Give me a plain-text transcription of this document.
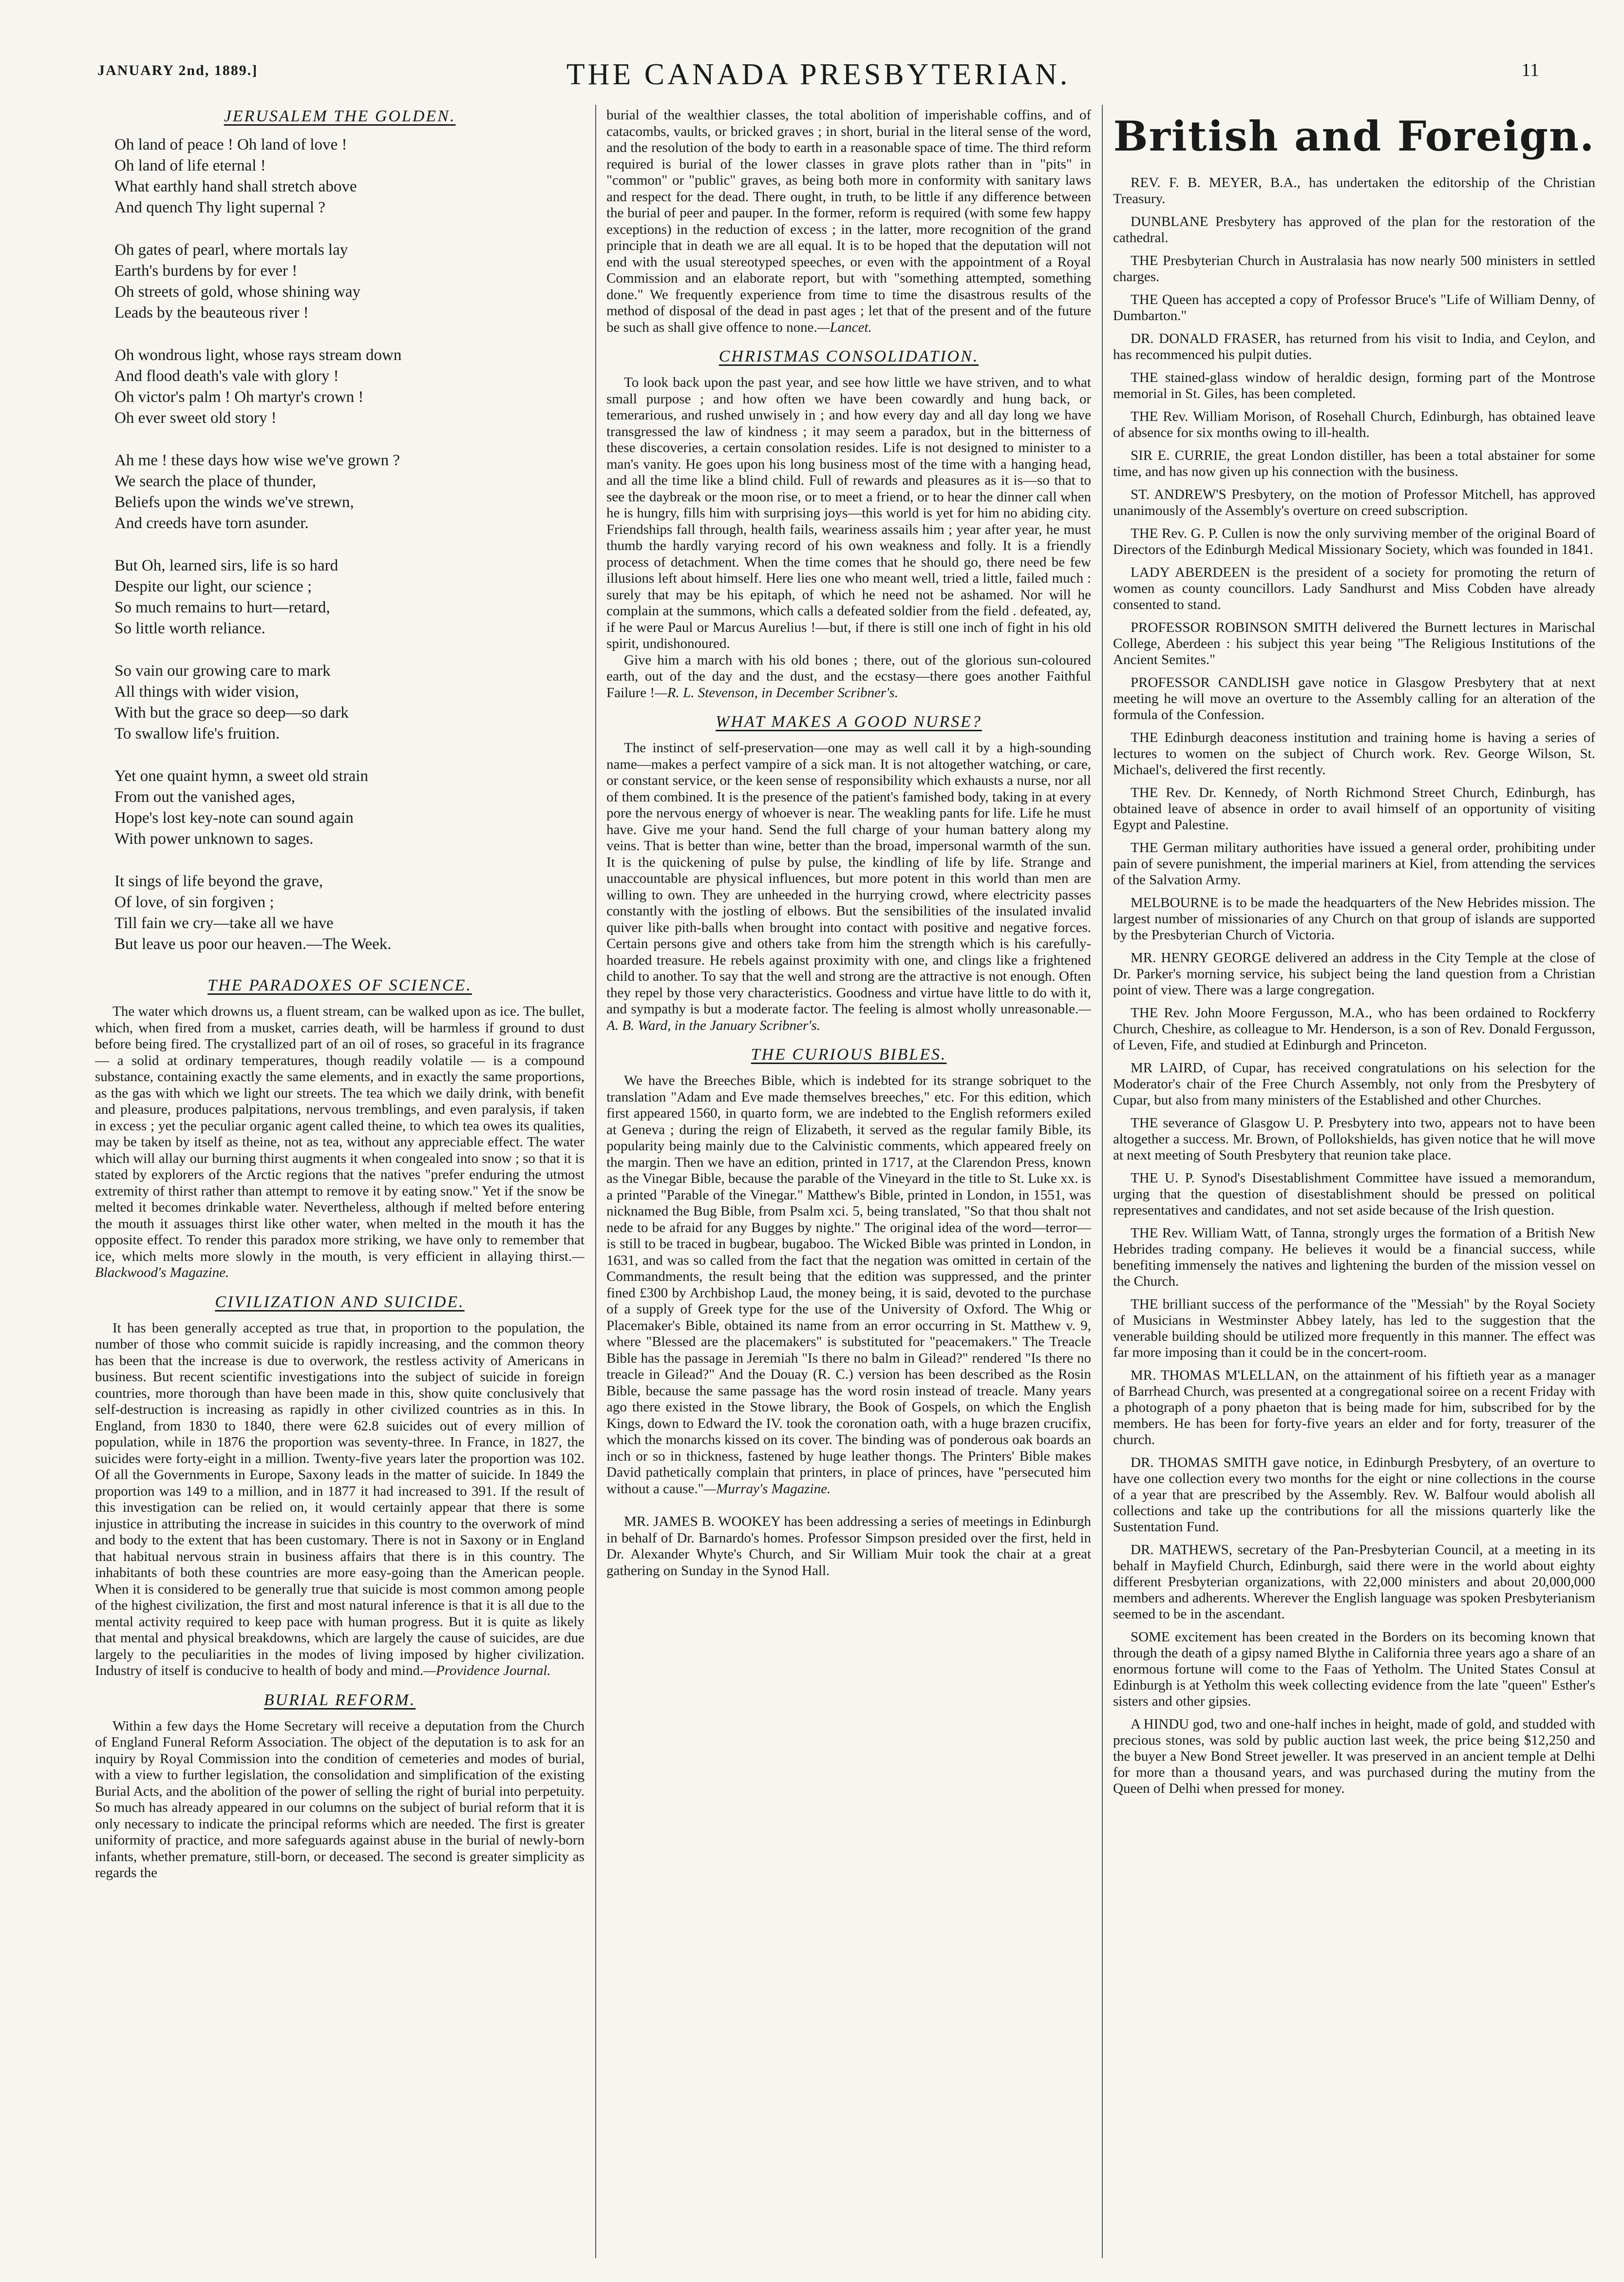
JANUARY 2nd, 1889.]	THE CANADA PRESBYTERIAN.	11
JERUSALEM THE GOLDEN.
Oh land of peace ! Oh land of love !
Oh land of life eternal !
What earthly hand shall stretch above
And quench Thy light supernal ?
Oh gates of pearl, where mortals lay
Earth's burdens by for ever !
Oh streets of gold, whose shining way
Leads by the beauteous river !
Oh wondrous light, whose rays stream down
And flood death's vale with glory !
Oh victor's palm ! Oh martyr's crown !
Oh ever sweet old story !
Ah me ! these days how wise we've grown ?
We search the place of thunder,
Beliefs upon the winds we've strewn,
And creeds have torn asunder.
But Oh, learned sirs, life is so hard
Despite our light, our science ;
So much remains to hurt—retard,
So little worth reliance.
So vain our growing care to mark
All things with wider vision,
With but the grace so deep—so dark
To swallow life's fruition.
Yet one quaint hymn, a sweet old strain
From out the vanished ages,
Hope's lost key-note can sound again
With power unknown to sages.
It sings of life beyond the grave,
Of love, of sin forgiven ;
Till fain we cry—take all we have
But leave us poor our heaven.—The Week.
THE PARADOXES OF SCIENCE.

The water which drowns us, a fluent stream, can be walked upon as ice. The bullet, which, when fired from a musket, carries death, will be harmless if ground to dust before being fired. The crystallized part of an oil of roses, so graceful in its fragrance — a solid at ordinary temperatures, though readily volatile — is a compound substance, containing exactly the same elements, and in exactly the same proportions, as the gas with which we light our streets. The tea which we daily drink, with benefit and pleasure, produces palpitations, nervous tremblings, and even paralysis, if taken in excess ; yet the peculiar organic agent called theine, to which tea owes its qualities, may be taken by itself as theine, not as tea, without any appreciable effect. The water which will allay our burning thirst augments it when congealed into snow ; so that it is stated by explorers of the Arctic regions that the natives "prefer enduring the utmost extremity of thirst rather than attempt to remove it by eating snow." Yet if the snow be melted it becomes drinkable water. Nevertheless, although if melted before entering the mouth it assuages thirst like other water, when melted in the mouth it has the opposite effect. To render this paradox more striking, we have only to remember that ice, which melts more slowly in the mouth, is very efficient in allaying thirst.—Blackwood's Magazine.

CIVILIZATION AND SUICIDE.

It has been generally accepted as true that, in proportion to the population, the number of those who commit suicide is rapidly increasing, and the common theory has been that the increase is due to overwork, the restless activity of Americans in business. But recent scientific investigations into the subject of suicide in foreign countries, more thorough than have been made in this, show quite conclusively that self-destruction is increasing as rapidly in other civilized countries as in this. In England, from 1830 to 1840, there were 62.8 suicides out of every million of population, while in 1876 the proportion was seventy-three. In France, in 1827, the suicides were forty-eight in a million. Twenty-five years later the proportion was 102. Of all the Governments in Europe, Saxony leads in the matter of suicide. In 1849 the proportion was 149 to a million, and in 1877 it had increased to 391. If the result of this investigation can be relied on, it would certainly appear that there is some injustice in attributing the increase in suicides in this country to the overwork of mind and body to the extent that has been customary. There is not in Saxony or in England that habitual nervous strain in business affairs that there is in this country. The inhabitants of both these countries are more easy-going than the American people. When it is considered to be generally true that suicide is most common among people of the highest civilization, the first and most natural inference is that it is all due to the mental activity required to keep pace with human progress. But it is quite as likely that mental and physical breakdowns, which are largely the cause of suicides, are due largely to the peculiarities in the modes of living imposed by higher civilization. Industry of itself is conducive to health of body and mind.—Providence Journal.

BURIAL REFORM.

Within a few days the Home Secretary will receive a deputation from the Church of England Funeral Reform Association. The object of the deputation is to ask for an inquiry by Royal Commission into the condition of cemeteries and modes of burial, with a view to further legislation, the consolidation and simplification of the existing Burial Acts, and the abolition of the power of selling the right of burial into perpetuity. So much has already appeared in our columns on the subject of burial reform that it is only necessary to indicate the principal reforms which are needed. The first is greater uniformity of practice, and more safeguards against abuse in the burial of newly-born infants, whether premature, still-born, or deceased. The second is greater simplicity as regards the

burial of the wealthier classes, the total abolition of imperishable coffins, and of catacombs, vaults, or bricked graves ; in short, burial in the literal sense of the word, and the resolution of the body to earth in a reasonable space of time. The third reform required is burial of the lower classes in grave plots rather than in "pits" in "common" or "public" graves, as being both more in conformity with sanitary laws and respect for the dead. There ought, in truth, to be little if any difference between the burial of peer and pauper. In the former, reform is required (with some few happy exceptions) in the reduction of excess ; in the latter, more recognition of the grand principle that in death we are all equal. It is to be hoped that the deputation will not end with the usual stereotyped speeches, or even with the appointment of a Royal Commission and an elaborate report, but with "something attempted, something done." We frequently experience from time to time the disastrous results of the method of disposal of the dead in past ages ; let that of the present and of the future be such as shall give offence to none.—Lancet.

CHRISTMAS CONSOLIDATION.

To look back upon the past year, and see how little we have striven, and to what small purpose ; and how often we have been cowardly and hung back, or temerarious, and rushed unwisely in ; and how every day and all day long we have transgressed the law of kindness ; it may seem a paradox, but in the bitterness of these discoveries, a certain consolation resides. Life is not designed to minister to a man's vanity. He goes upon his long business most of the time with a hanging head, and all the time like a blind child. Full of rewards and pleasures as it is—so that to see the daybreak or the moon rise, or to meet a friend, or to hear the dinner call when he is hungry, fills him with surprising joys—this world is yet for him no abiding city. Friendships fall through, health fails, weariness assails him ; year after year, he must thumb the hardly varying record of his own weakness and folly. It is a friendly process of detachment. When the time comes that he should go, there need be few illusions left about himself. Here lies one who meant well, tried a little, failed much : surely that may be his epitaph, of which he need not be ashamed. Nor will he complain at the summons, which calls a defeated soldier from the field . defeated, ay, if he were Paul or Marcus Aurelius !—but, if there is still one inch of fight in his old spirit, undishonoured.

Give him a march with his old bones ; there, out of the glorious sun-coloured earth, out of the day and the dust, and the ecstasy—there goes another Faithful Failure !—R. L. Stevenson, in December Scribner's.

WHAT MAKES A GOOD NURSE?

The instinct of self-preservation—one may as well call it by a high-sounding name—makes a perfect vampire of a sick man. It is not altogether watching, or care, or constant service, or the keen sense of responsibility which exhausts a nurse, nor all of them combined. It is the presence of the patient's famished body, taking in at every pore the nervous energy of whoever is near. The weakling pants for life. Life he must have. Give me your hand. Send the full charge of your human battery along my veins. That is better than wine, better than the broad, impersonal warmth of the sun. It is the quickening of pulse by pulse, the kindling of life by life. Strange and unaccountable are physical influences, but more potent in this world than men are willing to own. They are unheeded in the hurrying crowd, where electricity passes constantly with the jostling of elbows. But the sensibilities of the insulated invalid quiver like pith-balls when brought into contact with positive and negative forces. Certain persons give and others take from him the strength which is his carefully-hoarded treasure. He rebels against proximity with one, and clings like a frightened child to another. To say that the well and strong are the attractive is not enough. Often they repel by those very characteristics. Goodness and virtue have little to do with it, and sympathy is but a moderate factor. The feeling is almost wholly unreasonable.—A. B. Ward, in the January Scribner's.

THE CURIOUS BIBLES.

We have the Breeches Bible, which is indebted for its strange sobriquet to the translation "Adam and Eve made themselves breeches," etc. For this edition, which first appeared 1560, in quarto form, we are indebted to the English reformers exiled at Geneva ; during the reign of Elizabeth, it served as the regular family Bible, its popularity being mainly due to the Calvinistic comments, which appeared freely on the margin. Then we have an edition, printed in 1717, at the Clarendon Press, known as the Vinegar Bible, because the parable of the Vineyard in the title to St. Luke xx. is a printed "Parable of the Vinegar." Matthew's Bible, printed in London, in 1551, was nicknamed the Bug Bible, from Psalm xci. 5, being translated, "So that thou shalt not nede to be afraid for any Bugges by nighte." The original idea of the word—terror—is still to be traced in bugbear, bugaboo. The Wicked Bible was printed in London, in 1631, and was so called from the fact that the negation was omitted in certain of the Commandments, the result being that the edition was suppressed, and the printer fined £300 by Archbishop Laud, the money being, it is said, devoted to the purchase of a supply of Greek type for the use of the University of Oxford. The Whig or Placemaker's Bible, obtained its name from an error occurring in St. Matthew v. 9, where "Blessed are the placemakers" is substituted for "peacemakers." The Treacle Bible has the passage in Jeremiah "Is there no balm in Gilead?" rendered "Is there no treacle in Gilead?" And the Douay (R. C.) version has been described as the Rosin Bible, because the same passage has the word rosin instead of treacle. Many years ago there existed in the Stowe library, the Book of Gospels, on which the English Kings, down to Edward the IV. took the coronation oath, with a huge brazen crucifix, which the monarchs kissed on its cover. The binding was of ponderous oak boards an inch or so in thickness, fastened by huge leather thongs. The Printers' Bible makes David pathetically complain that printers, in place of princes, have "persecuted him without a cause."—Murray's Magazine.

MR. JAMES B. WOOKEY has been addressing a series of meetings in Edinburgh in behalf of Dr. Barnardo's homes. Professor Simpson presided over the first, held in Dr. Alexander Whyte's Church, and Sir William Muir took the chair at a great gathering on Sunday in the Synod Hall.

British and Foreign.

REV. F. B. MEYER, B.A., has undertaken the editorship of the Christian Treasury.

DUNBLANE Presbytery has approved of the plan for the restoration of the cathedral.

THE Presbyterian Church in Australasia has now nearly 500 ministers in settled charges.

THE Queen has accepted a copy of Professor Bruce's "Life of William Denny, of Dumbarton."

DR. DONALD FRASER, has returned from his visit to India, and Ceylon, and has recommenced his pulpit duties.

THE stained-glass window of heraldic design, forming part of the Montrose memorial in St. Giles, has been completed.

THE Rev. William Morison, of Rosehall Church, Edinburgh, has obtained leave of absence for six months owing to ill-health.

SIR E. CURRIE, the great London distiller, has been a total abstainer for some time, and has now given up his connection with the business.

ST. ANDREW'S Presbytery, on the motion of Professor Mitchell, has approved unanimously of the Assembly's overture on creed subscription.

THE Rev. G. P. Cullen is now the only surviving member of the original Board of Directors of the Edinburgh Medical Missionary Society, which was founded in 1841.

LADY ABERDEEN is the president of a society for promoting the return of women as county councillors. Lady Sandhurst and Miss Cobden have already consented to stand.

PROFESSOR ROBINSON SMITH delivered the Burnett lectures in Marischal College, Aberdeen : his subject this year being "The Religious Institutions of the Ancient Semites."

PROFESSOR CANDLISH gave notice in Glasgow Presbytery that at next meeting he will move an overture to the Assembly calling for an alteration of the formula of the Confession.

THE Edinburgh deaconess institution and training home is having a series of lectures to women on the subject of Church work. Rev. George Wilson, St. Michael's, delivered the first recently.

THE Rev. Dr. Kennedy, of North Richmond Street Church, Edinburgh, has obtained leave of absence in order to avail himself of an opportunity of visiting Egypt and Palestine.

THE German military authorities have issued a general order, prohibiting under pain of severe punishment, the imperial mariners at Kiel, from attending the services of the Salvation Army.

MELBOURNE is to be made the headquarters of the New Hebrides mission. The largest number of missionaries of any Church on that group of islands are supported by the Presbyterian Church of Victoria.

MR. HENRY GEORGE delivered an address in the City Temple at the close of Dr. Parker's morning service, his subject being the land question from a Christian point of view. There was a large congregation.

THE Rev. John Moore Fergusson, M.A., who has been ordained to Rockferry Church, Cheshire, as colleague to Mr. Henderson, is a son of Rev. Donald Fergusson, of Leven, Fife, and studied at Edinburgh and Princeton.

MR LAIRD, of Cupar, has received congratulations on his selection for the Moderator's chair of the Free Church Assembly, not only from the Presbytery of Cupar, but also from many ministers of the Established and other Churches.

THE severance of Glasgow U. P. Presbytery into two, appears not to have been altogether a success. Mr. Brown, of Pollokshields, has given notice that he will move at next meeting of South Presbytery that reunion take place.

THE U. P. Synod's Disestablishment Committee have issued a memorandum, urging that the question of disestablishment should be pressed on political representatives and candidates, and not set aside because of the Irish question.

THE Rev. William Watt, of Tanna, strongly urges the formation of a British New Hebrides trading company. He believes it would be a financial success, while benefiting immensely the natives and lightening the burden of the mission vessel on the Church.

THE brilliant success of the performance of the "Messiah" by the Royal Society of Musicians in Westminster Abbey lately, has led to the suggestion that the venerable building should be utilized more frequently in this manner. The effect was far more imposing than it could be in the concert-room.

MR. THOMAS M'LELLAN, on the attainment of his fiftieth year as a manager of Barrhead Church, was presented at a congregational soiree on a recent Friday with a photograph of a pony phaeton that is being made for him, subscribed for by the members. He has been for forty-five years an elder and for forty, treasurer of the church.

DR. THOMAS SMITH gave notice, in Edinburgh Presbytery, of an overture to have one collection every two months for the eight or nine collections in the course of a year that are prescribed by the Assembly. Rev. W. Balfour would abolish all collections and take up the contributions for all the missions quarterly like the Sustentation Fund.

DR. MATHEWS, secretary of the Pan-Presbyterian Council, at a meeting in its behalf in Mayfield Church, Edinburgh, said there were in the world about eighty different Presbyterian organizations, with 22,000 ministers and about 20,000,000 members and adherents. Wherever the English language was spoken Presbyterianism seemed to be in the ascendant.

SOME excitement has been created in the Borders on its becoming known that through the death of a gipsy named Blythe in California three years ago a share of an enormous fortune will come to the Faas of Yetholm. The United States Consul at Edinburgh is at Yetholm this week collecting evidence from the late "queen" Esther's sisters and other gipsies.

A HINDU god, two and one-half inches in height, made of gold, and studded with precious stones, was sold by public auction last week, the price being $12,250 and the buyer a New Bond Street jeweller. It was preserved in an ancient temple at Delhi for more than a thousand years, and was purchased during the mutiny from the Queen of Delhi when pressed for money.
